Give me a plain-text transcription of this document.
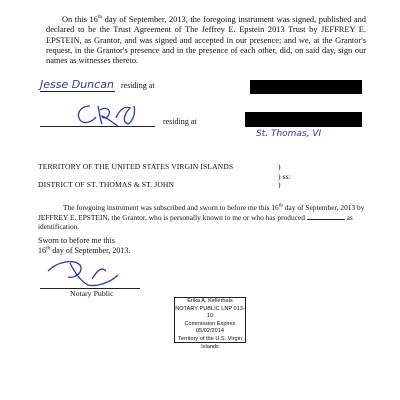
On this 16th day of September, 2013, the foregoing instrument was signed, published and declared to be the Trust Agreement of The Jeffrey E. Epstein 2013 Trust by JEFFREY E. EPSTEIN, as Grantor, and was signed and accepted in our presence; and we, at the Grantor's request, in the Grantor's presence and in the presence of each other, did, on said day, sign our names as witnesses thereto.
Jesse Duncan residing at
residing at
St. Thomas, VI
TERRITORY OF THE UNITED STATES VIRGIN ISLANDS	)
) ss:
DISTRICT OF ST. THOMAS & ST. JOHN	)
The foregoing instrument was subscribed and sworn to before me this 16th day of September, 2013 by JEFFREY E. EPSTEIN, the Grantor, who is personally known to me or who has produced	as identification.
Sworn to before me this
16th day of September, 2013.
Notary Public
Erika A. Kellerhals
NOTARY PUBLIC LNP 013-10
Commission Expires 05/02/2014
Territory of the U.S. Virgin Islands
